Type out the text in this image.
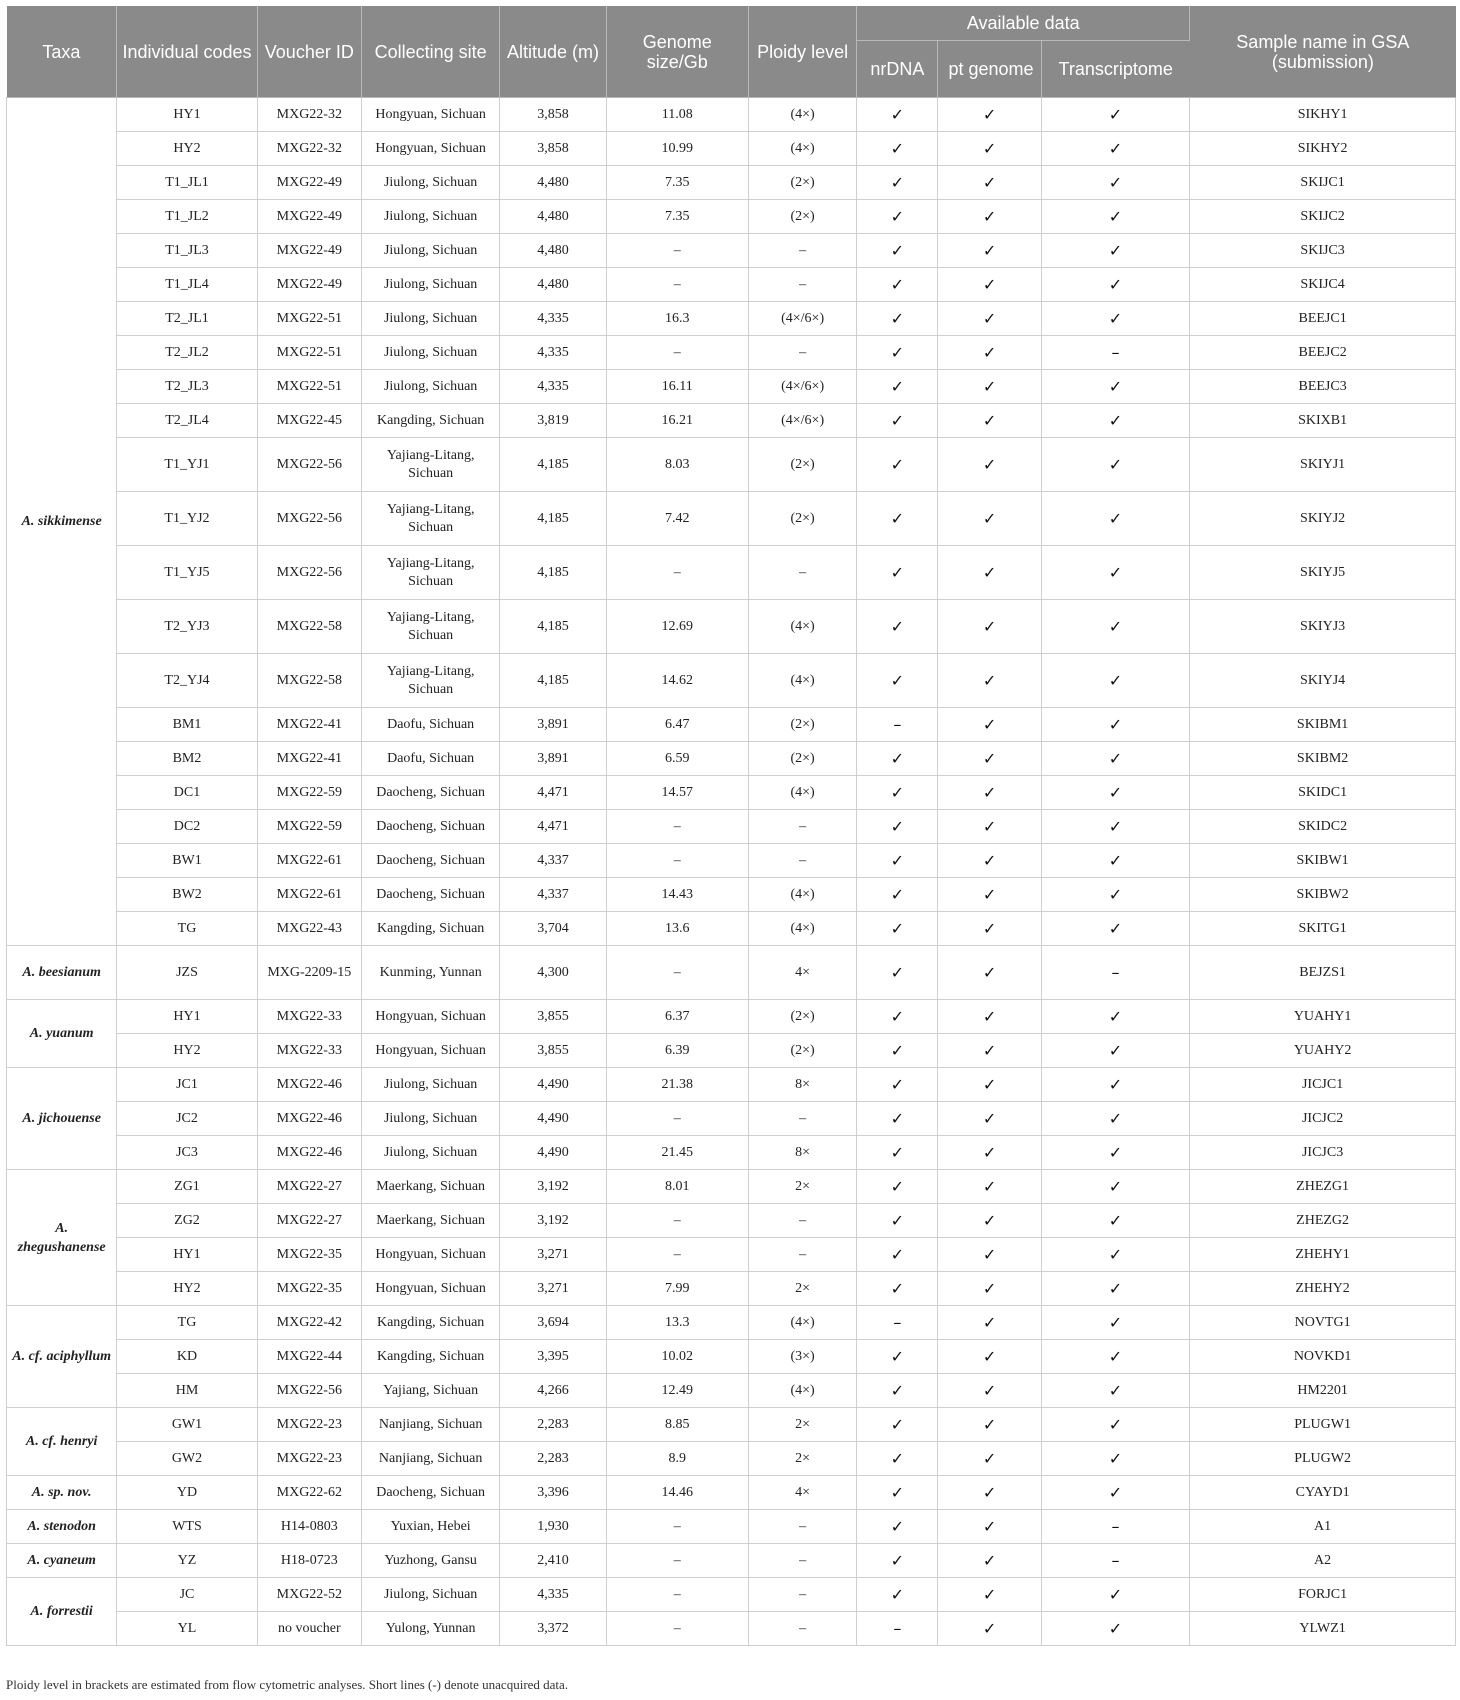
Taxa	Individual codes	Voucher ID	Collecting site	Altitude (m)	Genome size/Gb	Ploidy level	Available data			Sample name in GSA (submission)
							nrDNA	pt genome	Transcriptome	
A. sikkimense	HY1	MXG22-32	Hongyuan, Sichuan	3,858	11.08	(4×)	✓	✓	✓	SIKHY1
	HY2	MXG22-32	Hongyuan, Sichuan	3,858	10.99	(4×)	✓	✓	✓	SIKHY2
	T1_JL1	MXG22-49	Jiulong, Sichuan	4,480	7.35	(2×)	✓	✓	✓	SKIJC1
	T1_JL2	MXG22-49	Jiulong, Sichuan	4,480	7.35	(2×)	✓	✓	✓	SKIJC2
	T1_JL3	MXG22-49	Jiulong, Sichuan	4,480	–	–	✓	✓	✓	SKIJC3
	T1_JL4	MXG22-49	Jiulong, Sichuan	4,480	–	–	✓	✓	✓	SKIJC4
	T2_JL1	MXG22-51	Jiulong, Sichuan	4,335	16.3	(4×/6×)	✓	✓	✓	BEEJC1
	T2_JL2	MXG22-51	Jiulong, Sichuan	4,335	–	–	✓	✓	–	BEEJC2
	T2_JL3	MXG22-51	Jiulong, Sichuan	4,335	16.11	(4×/6×)	✓	✓	✓	BEEJC3
	T2_JL4	MXG22-45	Kangding, Sichuan	3,819	16.21	(4×/6×)	✓	✓	✓	SKIXB1
	T1_YJ1	MXG22-56	Yajiang-Litang, Sichuan	4,185	8.03	(2×)	✓	✓	✓	SKIYJ1
	T1_YJ2	MXG22-56	Yajiang-Litang, Sichuan	4,185	7.42	(2×)	✓	✓	✓	SKIYJ2
	T1_YJ5	MXG22-56	Yajiang-Litang, Sichuan	4,185	–	–	✓	✓	✓	SKIYJ5
	T2_YJ3	MXG22-58	Yajiang-Litang, Sichuan	4,185	12.69	(4×)	✓	✓	✓	SKIYJ3
	T2_YJ4	MXG22-58	Yajiang-Litang, Sichuan	4,185	14.62	(4×)	✓	✓	✓	SKIYJ4
	BM1	MXG22-41	Daofu, Sichuan	3,891	6.47	(2×)	–	✓	✓	SKIBM1
	BM2	MXG22-41	Daofu, Sichuan	3,891	6.59	(2×)	✓	✓	✓	SKIBM2
	DC1	MXG22-59	Daocheng, Sichuan	4,471	14.57	(4×)	✓	✓	✓	SKIDC1
	DC2	MXG22-59	Daocheng, Sichuan	4,471	–	–	✓	✓	✓	SKIDC2
	BW1	MXG22-61	Daocheng, Sichuan	4,337	–	–	✓	✓	✓	SKIBW1
	BW2	MXG22-61	Daocheng, Sichuan	4,337	14.43	(4×)	✓	✓	✓	SKIBW2
	TG	MXG22-43	Kangding, Sichuan	3,704	13.6	(4×)	✓	✓	✓	SKITG1
A. beesianum	JZS	MXG-2209-15	Kunming, Yunnan	4,300	–	4×	✓	✓	–	BEJZS1
A. yuanum	HY1	MXG22-33	Hongyuan, Sichuan	3,855	6.37	(2×)	✓	✓	✓	YUAHY1
	HY2	MXG22-33	Hongyuan, Sichuan	3,855	6.39	(2×)	✓	✓	✓	YUAHY2
A. jichouense	JC1	MXG22-46	Jiulong, Sichuan	4,490	21.38	8×	✓	✓	✓	JICJC1
	JC2	MXG22-46	Jiulong, Sichuan	4,490	–	–	✓	✓	✓	JICJC2
	JC3	MXG22-46	Jiulong, Sichuan	4,490	21.45	8×	✓	✓	✓	JICJC3
A. zhegushanense	ZG1	MXG22-27	Maerkang, Sichuan	3,192	8.01	2×	✓	✓	✓	ZHEZG1
	ZG2	MXG22-27	Maerkang, Sichuan	3,192	–	–	✓	✓	✓	ZHEZG2
	HY1	MXG22-35	Hongyuan, Sichuan	3,271	–	–	✓	✓	✓	ZHEHY1
	HY2	MXG22-35	Hongyuan, Sichuan	3,271	7.99	2×	✓	✓	✓	ZHEHY2
A. cf. aciphyllum	TG	MXG22-42	Kangding, Sichuan	3,694	13.3	(4×)	–	✓	✓	NOVTG1
	KD	MXG22-44	Kangding, Sichuan	3,395	10.02	(3×)	✓	✓	✓	NOVKD1
	HM	MXG22-56	Yajiang, Sichuan	4,266	12.49	(4×)	✓	✓	✓	HM2201
A. cf. henryi	GW1	MXG22-23	Nanjiang, Sichuan	2,283	8.85	2×	✓	✓	✓	PLUGW1
	GW2	MXG22-23	Nanjiang, Sichuan	2,283	8.9	2×	✓	✓	✓	PLUGW2
A. sp. nov.	YD	MXG22-62	Daocheng, Sichuan	3,396	14.46	4×	✓	✓	✓	CYAYD1
A. stenodon	WTS	H14-0803	Yuxian, Hebei	1,930	–	–	✓	✓	–	A1
A. cyaneum	YZ	H18-0723	Yuzhong, Gansu	2,410	–	–	✓	✓	–	A2
A. forrestii	JC	MXG22-52	Jiulong, Sichuan	4,335	–	–	✓	✓	✓	FORJC1
	YL	no voucher	Yulong, Yunnan	3,372	–	–	–	✓	✓	YLWZ1
Ploidy level in brackets are estimated from flow cytometric analyses. Short lines (-) denote unacquired data.
